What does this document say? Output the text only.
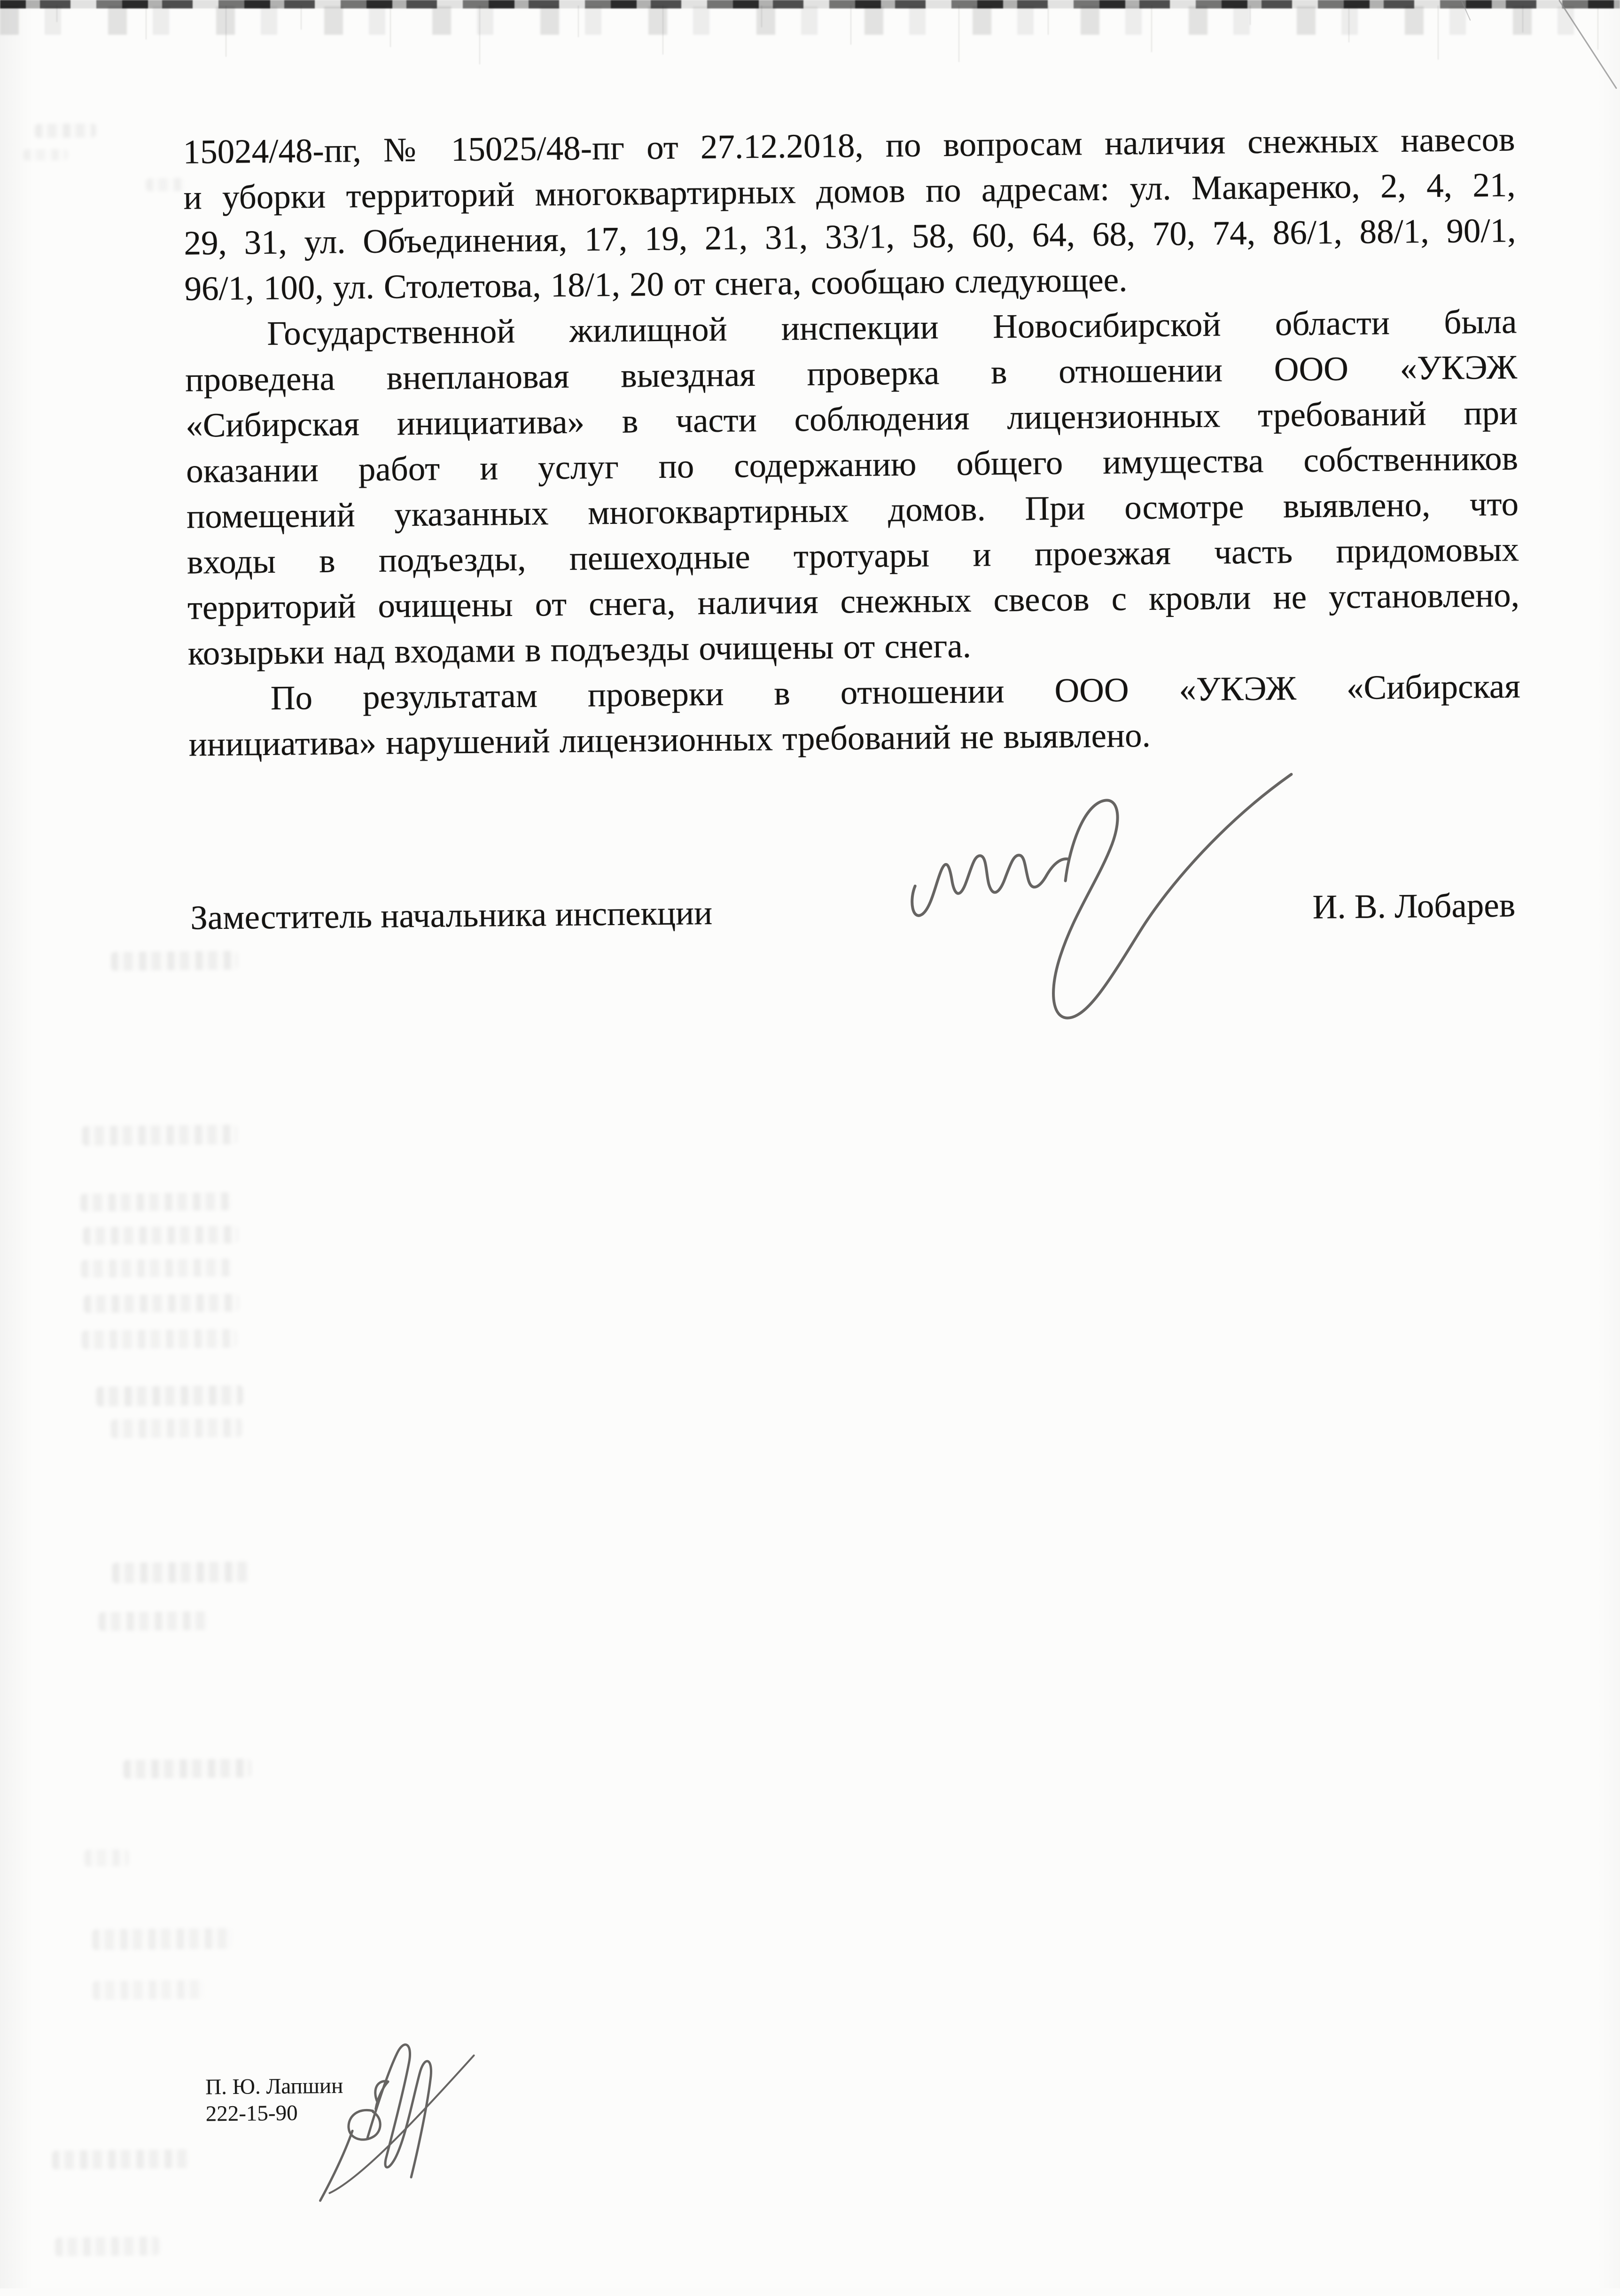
15024/48-пг, № 15025/48-пг от 27.12.2018, по вопросам наличия снежных навесов
и уборки территорий многоквартирных домов по адресам: ул. Макаренко, 2, 4, 21,
29, 31, ул. Объединения, 17, 19, 21, 31, 33/1, 58, 60, 64, 68, 70, 74, 86/1, 88/1, 90/1,
96/1, 100, ул. Столетова, 18/1, 20 от снега, сообщаю следующее.
Государственной жилищной инспекции Новосибирской области была
проведена внеплановая выездная проверка в отношении ООО «УКЭЖ
«Сибирская инициатива» в части соблюдения лицензионных требований при
оказании работ и услуг по содержанию общего имущества собственников
помещений указанных многоквартирных домов. При осмотре выявлено, что
входы в подъезды, пешеходные тротуары и проезжая часть придомовых
территорий очищены от снега, наличия снежных свесов с кровли не установлено,
козырьки над входами в подъезды очищены от снега.
По результатам проверки в отношении ООО «УКЭЖ «Сибирская
инициатива» нарушений лицензионных требований не выявлено.
Заместитель начальника инспекции	И. В. Лобарев
П. Ю. Лапшин
222-15-90
